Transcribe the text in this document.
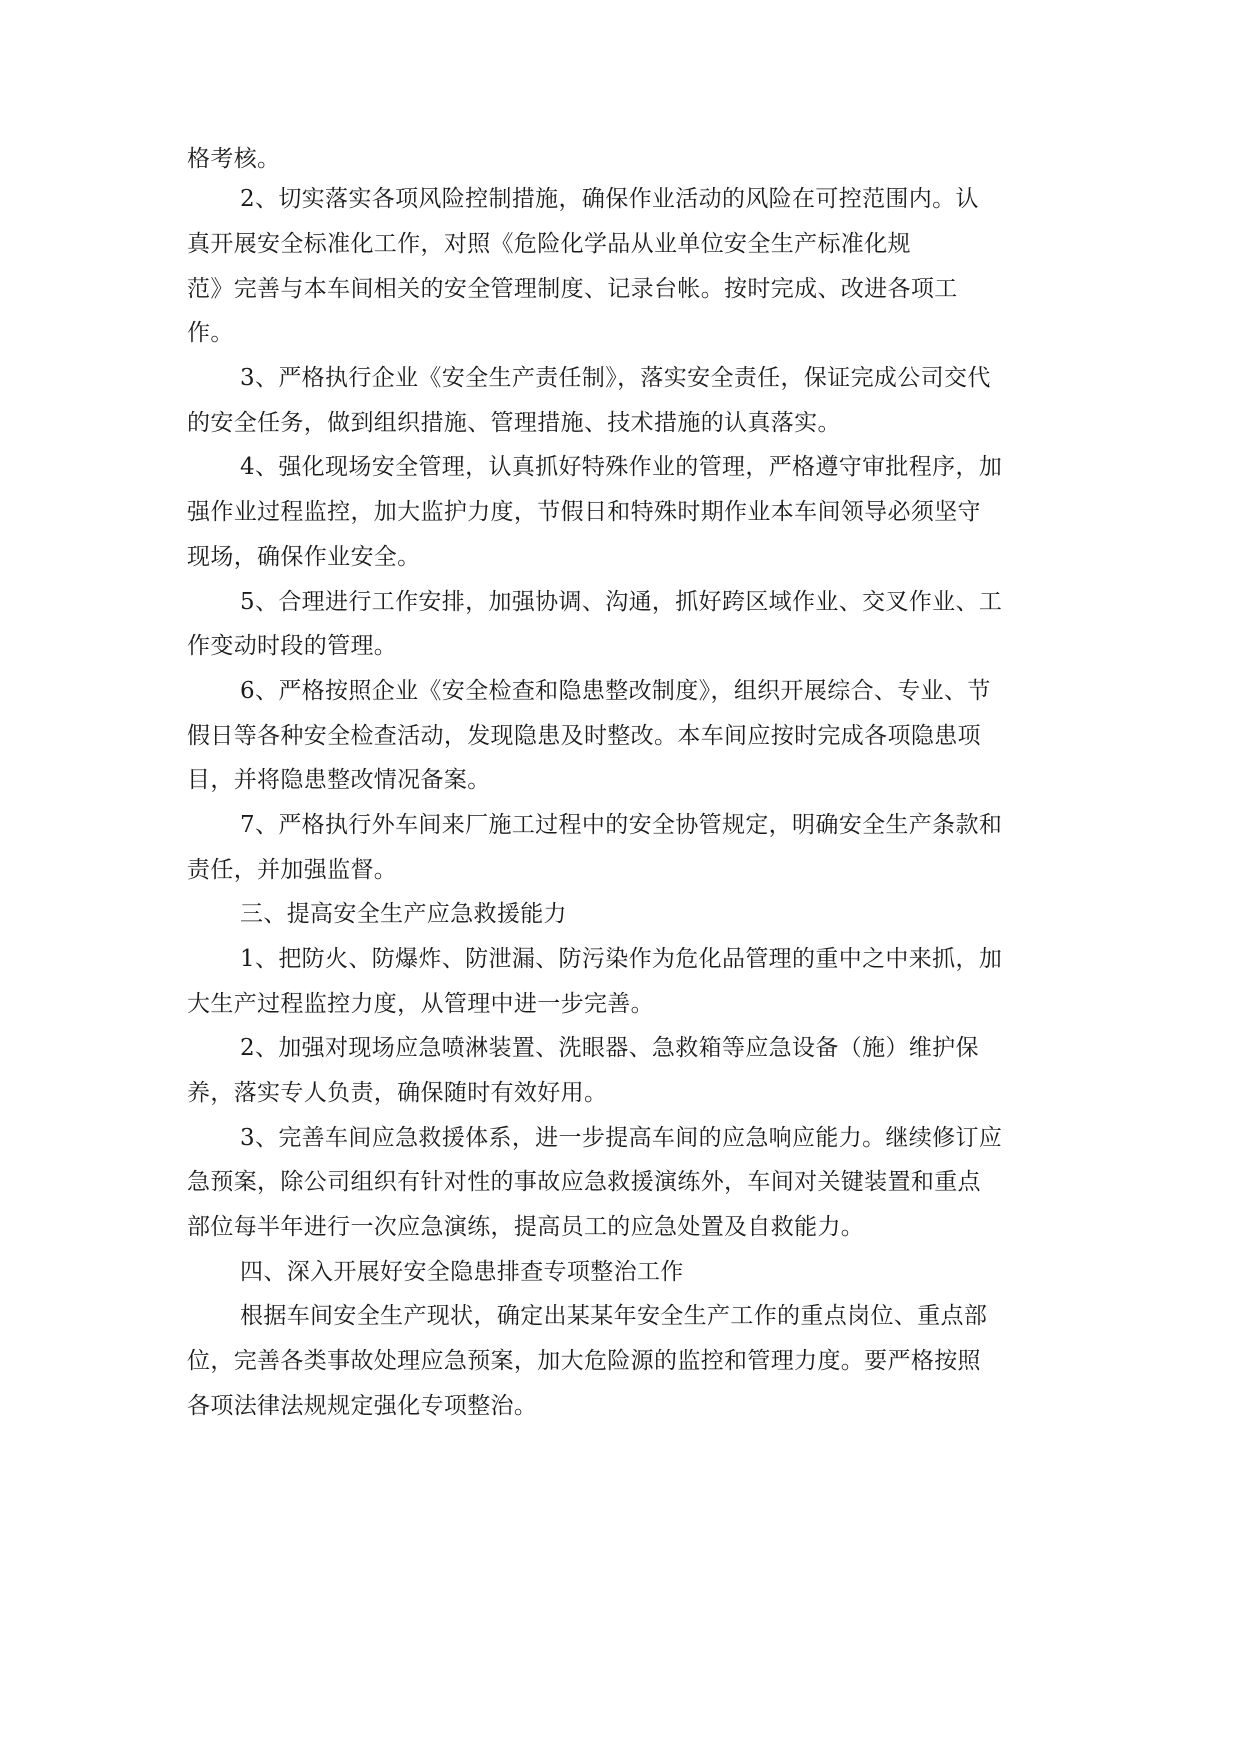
格考核。

2、切实落实各项风险控制措施，确保作业活动的风险在可控范围内。认

真开展安全标准化工作，对照《危险化学品从业单位安全生产标准化规

范》完善与本车间相关的安全管理制度、记录台帐。按时完成、改进各项工

作。

3、严格执行企业《安全生产责任制》，落实安全责任，保证完成公司交代

的安全任务，做到组织措施、管理措施、技术措施的认真落实。

4、强化现场安全管理，认真抓好特殊作业的管理，严格遵守审批程序，加

强作业过程监控，加大监护力度，节假日和特殊时期作业本车间领导必须坚守

现场，确保作业安全。

5、合理进行工作安排，加强协调、沟通，抓好跨区域作业、交叉作业、工

作变动时段的管理。

6、严格按照企业《安全检查和隐患整改制度》，组织开展综合、专业、节

假日等各种安全检查活动，发现隐患及时整改。本车间应按时完成各项隐患项

目，并将隐患整改情况备案。

7、严格执行外车间来厂施工过程中的安全协管规定，明确安全生产条款和

责任，并加强监督。

三、提高安全生产应急救援能力

1、把防火、防爆炸、防泄漏、防污染作为危化品管理的重中之中来抓，加

大生产过程监控力度，从管理中进一步完善。

2、加强对现场应急喷淋装置、洗眼器、急救箱等应急设备（施）维护保

养，落实专人负责，确保随时有效好用。

3、完善车间应急救援体系，进一步提高车间的应急响应能力。继续修订应

急预案，除公司组织有针对性的事故应急救援演练外，车间对关键装置和重点

部位每半年进行一次应急演练，提高员工的应急处置及自救能力。

四、深入开展好安全隐患排查专项整治工作

根据车间安全生产现状，确定出某某年安全生产工作的重点岗位、重点部

位，完善各类事故处理应急预案，加大危险源的监控和管理力度。要严格按照

各项法律法规规定强化专项整治。
